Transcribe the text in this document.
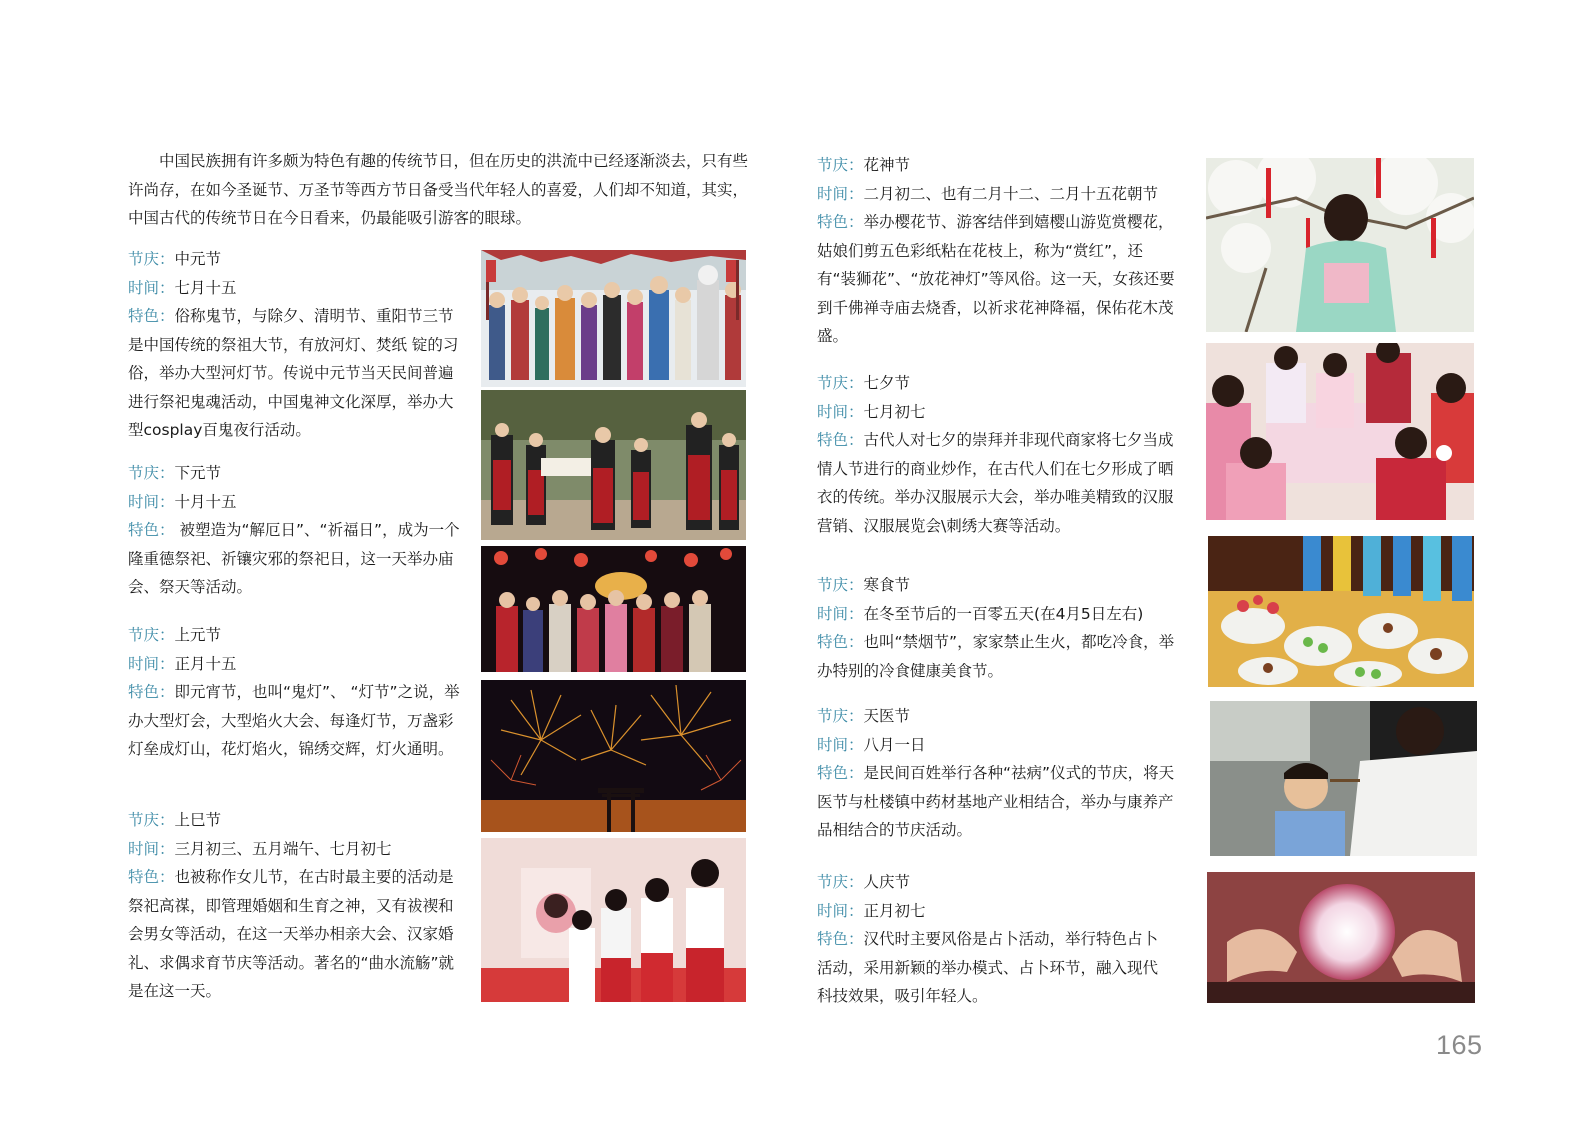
中国民族拥有许多颇为特色有趣的传统节日，但在历史的洪流中已经逐渐淡去，只有些许尚存，在如今圣诞节、万圣节等西方节日备受当代年轻人的喜爱，人们却不知道，其实，中国古代的传统节日在今日看来，仍最能吸引游客的眼球。

节庆：中元节

时间：七月十五

特色：俗称鬼节，与除夕、清明节、重阳节三节是中国传统的祭祖大节，有放河灯、焚纸 锭的习俗，举办大型河灯节。传说中元节当天民间普遍进行祭祀鬼魂活动，中国鬼神文化深厚，举办大型cosplay百鬼夜行活动。

节庆：下元节

时间：十月十五

特色： 被塑造为“解厄日”、“祈福日”，成为一个隆重德祭祀、祈镶灾邪的祭祀日，这一天举办庙会、祭天等活动。

节庆：上元节

时间：正月十五

特色：即元宵节，也叫“鬼灯”、 “灯节”之说，举办大型灯会，大型焰火大会、每逢灯节，万盏彩灯垒成灯山，花灯焰火，锦绣交辉，灯火通明。

节庆：上巳节

时间：三月初三、五月端午、七月初七

特色：也被称作女儿节，在古时最主要的活动是祭祀高禖，即管理婚姻和生育之神，又有祓禊和会男女等活动，在这一天举办相亲大会、汉家婚礼、求偶求育节庆等活动。著名的“曲水流觞”就是在这一天。

节庆：花神节

时间：二月初二、也有二月十二、二月十五花朝节

特色：举办樱花节、游客结伴到嬉樱山游览赏樱花，姑娘们剪五色彩纸粘在花枝上，称为“赏红”，还有“装狮花”、“放花神灯”等风俗。这一天，女孩还要到千佛禅寺庙去烧香，以祈求花神降福，保佑花木茂盛。

节庆：七夕节

时间：七月初七

特色：古代人对七夕的崇拜并非现代商家将七夕当成情人节进行的商业炒作，在古代人们在七夕形成了晒衣的传统。举办汉服展示大会，举办唯美精致的汉服营销、汉服展览会\刺绣大赛等活动。

节庆：寒食节

时间：在冬至节后的一百零五天(在4月5日左右)

特色：也叫“禁烟节”，家家禁止生火，都吃冷食，举办特别的冷食健康美食节。

节庆：天医节

时间：八月一日

特色：是民间百姓举行各种“祛病”仪式的节庆，将天医节与杜楼镇中药材基地产业相结合，举办与康养产品相结合的节庆活动。

节庆：人庆节

时间：正月初七

特色：汉代时主要风俗是占卜活动，举行特色占卜活动，采用新颖的举办模式、占卜环节，融入现代科技效果，吸引年轻人。

165
